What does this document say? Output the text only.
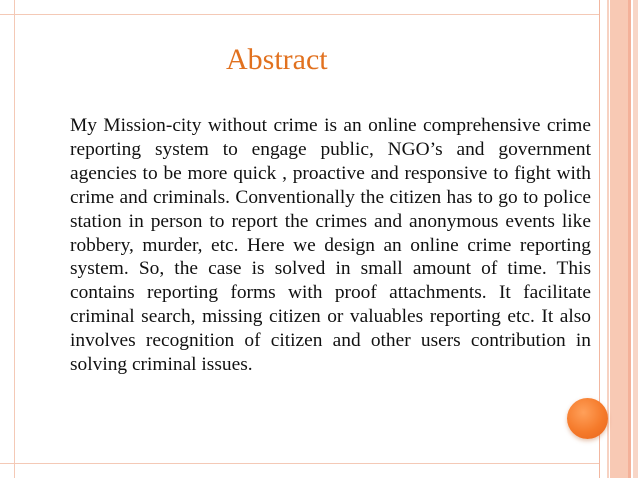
Abstract

My Mission-city without crime is an online comprehensive crime reporting system to engage public, NGO’s and government agencies to be more quick , proactive and responsive to fight with crime and criminals. Conventionally the citizen has to go to police station in person to report the crimes and anonymous events like robbery, murder, etc. Here we design an online crime reporting system. So, the case is solved in small amount of time. This contains reporting forms with proof attachments. It facilitate criminal search, missing citizen or valuables reporting etc. It also involves recognition of citizen and other users contribution in solving criminal issues.
